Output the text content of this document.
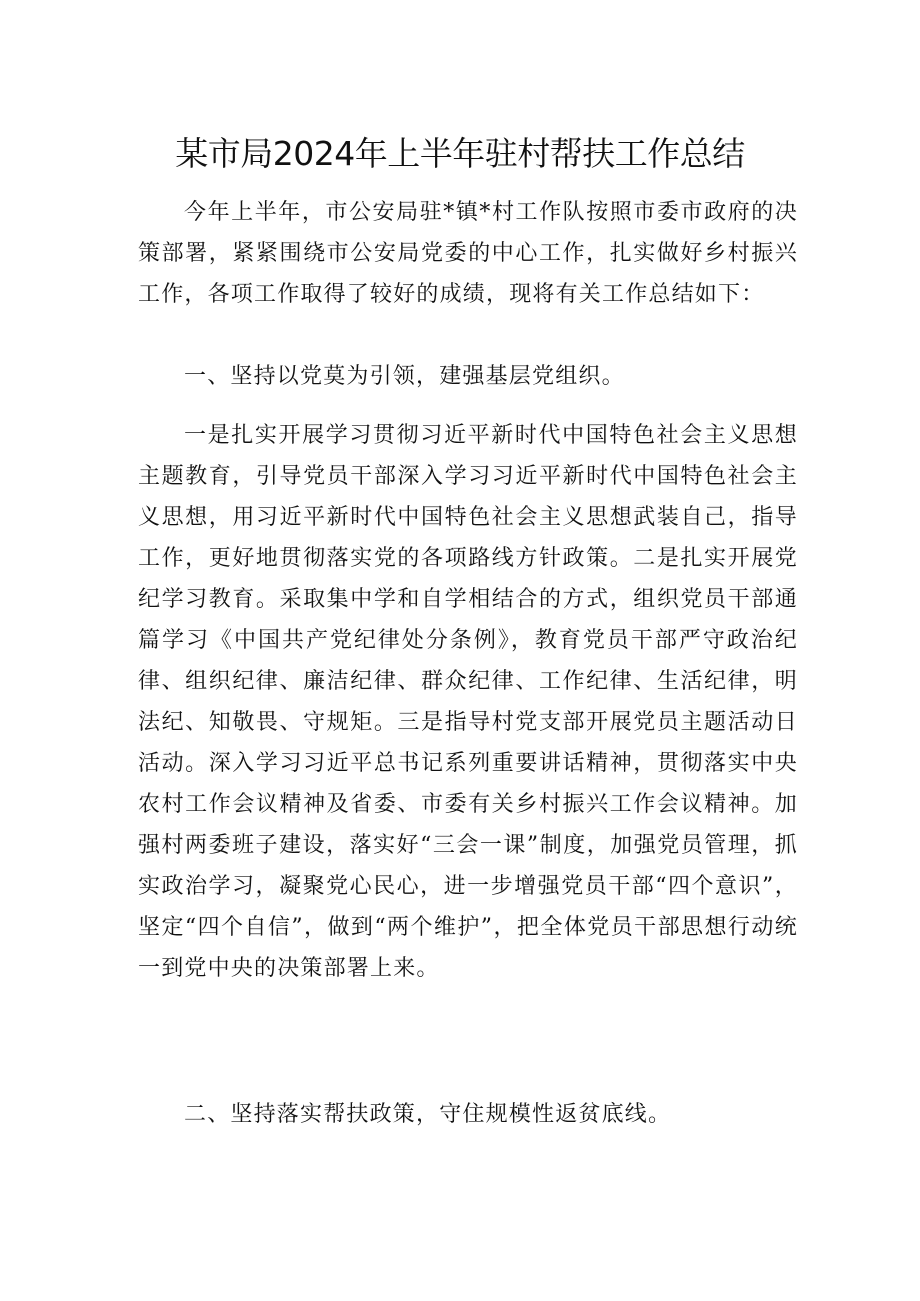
某市局2024年上半年驻村帮扶工作总结

今年上半年，市公安局驻*镇*村工作队按照市委市政府的决策部署，紧紧围绕市公安局党委的中心工作，扎实做好乡村振兴工作，各项工作取得了较好的成绩，现将有关工作总结如下：

一、坚持以党莫为引领，建强基层党组织。

一是扎实开展学习贯彻习近平新时代中国特色社会主义思想主题教育，引导党员干部深入学习习近平新时代中国特色社会主义思想，用习近平新时代中国特色社会主义思想武装自己，指导工作，更好地贯彻落实党的各项路线方针政策。二是扎实开展党纪学习教育。采取集中学和自学相结合的方式，组织党员干部通篇学习《中国共产党纪律处分条例》，教育党员干部严守政治纪律、组织纪律、廉洁纪律、群众纪律、工作纪律、生活纪律，明法纪、知敬畏、守规矩。三是指导村党支部开展党员主题活动日活动。深入学习习近平总书记系列重要讲话精神，贯彻落实中央农村工作会议精神及省委、市委有关乡村振兴工作会议精神。加强村两委班子建设，落实好“三会一课”制度，加强党员管理，抓实政治学习，凝聚党心民心，进一步增强党员干部“四个意识”，坚定“四个自信”，做到“两个维护”，把全体党员干部思想行动统一到党中央的决策部署上来。

二、坚持落实帮扶政策，守住规模性返贫底线。
